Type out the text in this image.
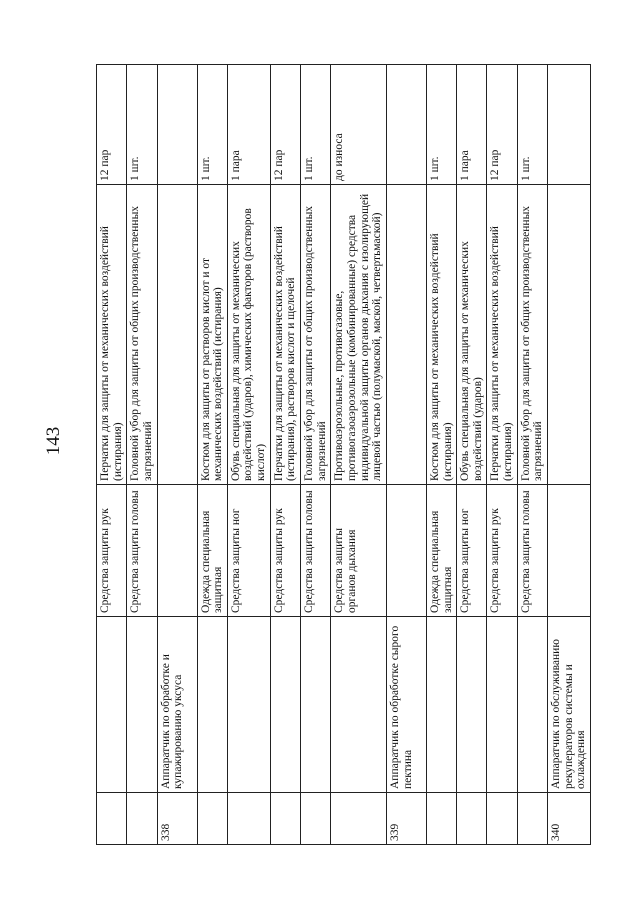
143
		Средства защиты рук	Перчатки для защиты от механических воздействий (истирания)	12 пар
		Средства защиты головы	Головной убор для защиты от общих производственных загрязнений	1 шт.
338	Аппаратчик по обработке и купажированию уксуса			
		Одежда специальная защитная	Костюм для защиты от растворов кислот и от механических воздействий (истирания)	1 шт.
		Средства защиты ног	Обувь специальная для защиты от механических воздействий (ударов), химических факторов (растворов кислот)	1 пара
		Средства защиты рук	Перчатки для защиты от механических воздействий (истирания), растворов кислот и щелочей	12 пар
		Средства защиты головы	Головной убор для защиты от общих производственных загрязнений	1 шт.
		Средства защиты органов дыхания	Противоаэрозольные, противогазовые, противогазоаэрозольные (комбинированные) средства индивидуальной защиты органов дыхания с изолирующей лицевой частью (полумаской, маской, четвертьмаской)	до износа
339	Аппаратчик по обработке сырого пектина			
		Одежда специальная защитная	Костюм для защиты от механических воздействий (истирания)	1 шт.
		Средства защиты ног	Обувь специальная для защиты от механических воздействий (ударов)	1 пара
		Средства защиты рук	Перчатки для защиты от механических воздействий (истирания)	12 пар
		Средства защиты головы	Головной убор для защиты от общих производственных загрязнений	1 шт.
340	Аппаратчик по обслуживанию рекуператоров системы и охлаждения			
